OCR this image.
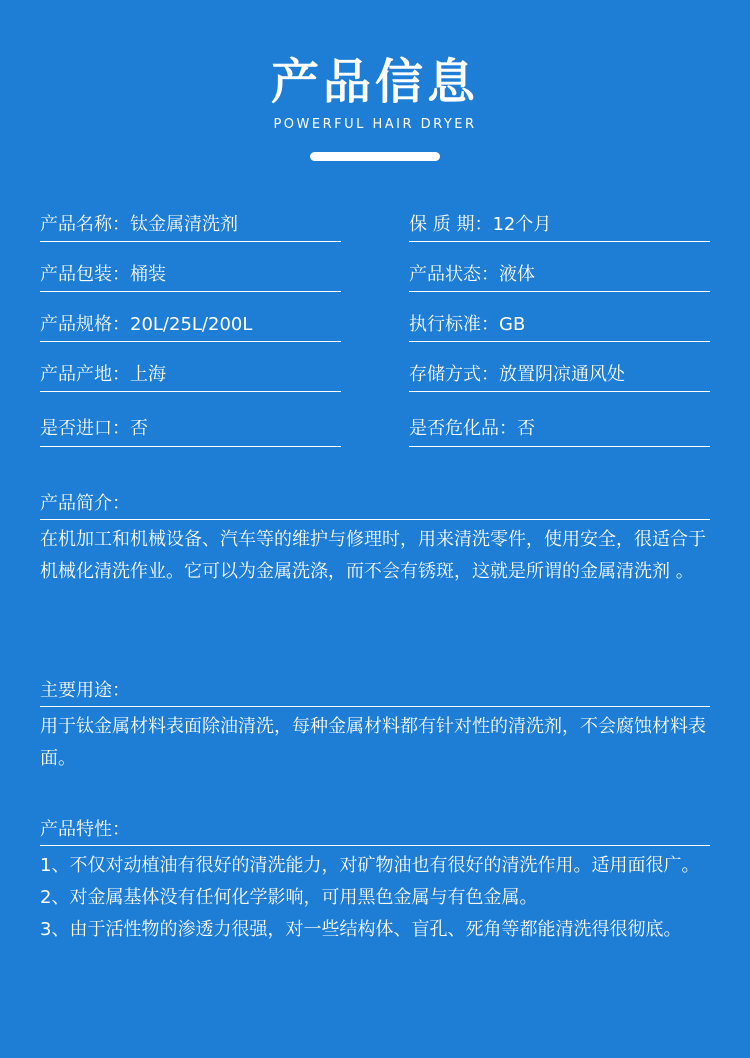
产品信息
POWERFUL HAIR DRYER
产品名称：钛金属清洗剂	保 质 期：12个月
产品包装：桶装	产品状态：液体
产品规格：20L/25L/200L	执行标准：GB
产品产地：上海	存储方式：放置阴凉通风处
是否进口：否	是否危化品：否
产品简介：

在机加工和机械设备、汽车等的维护与修理时，用来清洗零件，使用安全，很适合于机械化清洗作业。它可以为金属洗涤，而不会有锈斑，这就是所谓的金属清洗剂 。

主要用途：

用于钛金属材料表面除油清洗，每种金属材料都有针对性的清洗剂，不会腐蚀材料表面。

产品特性：

1、不仅对动植油有很好的清洗能力，对矿物油也有很好的清洗作用。适用面很广。

2、对金属基体没有任何化学影响，可用黑色金属与有色金属。

3、由于活性物的渗透力很强，对一些结构体、盲孔、死角等都能清洗得很彻底。
